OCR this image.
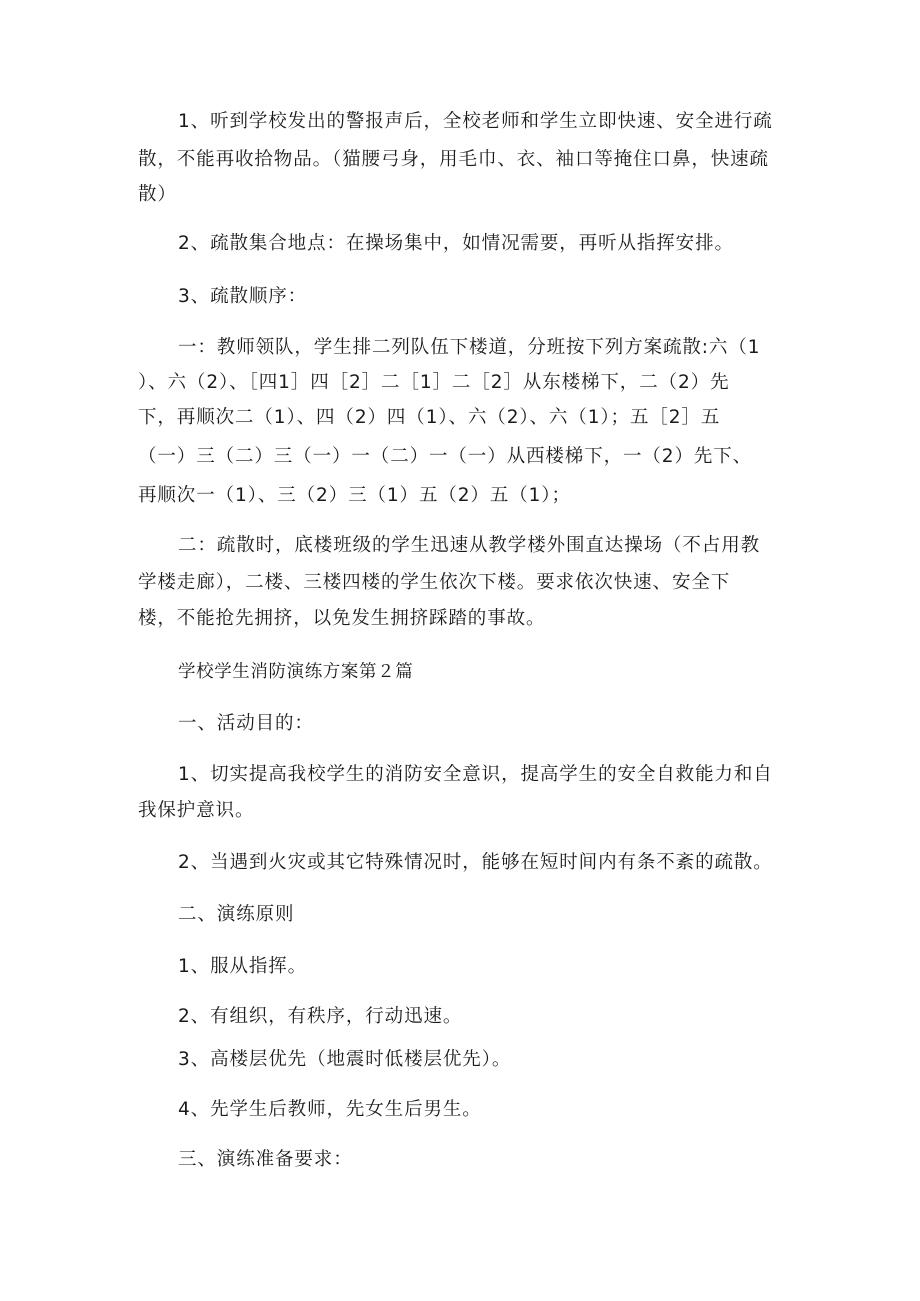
1、听到学校发出的警报声后，全校老师和学生立即快速、安全进行疏

散，不能再收拾物品。（猫腰弓身，用毛巾、衣、袖口等掩住口鼻，快速疏

散）

2、疏散集合地点：在操场集中，如情况需要，再听从指挥安排。

3、疏散顺序：

一：教师领队，学生排二列队伍下楼道，分班按下列方案疏散:六（1

）、六（2）、［四1］四［2］二［1］二［2］从东楼梯下，二（2）先

下，再顺次二（1）、四（2）四（1）、六（2）、六（1）；五［2］五

（一）三（二）三（一）一（二）一（一）从西楼梯下，一（2）先下、

再顺次一（1）、三（2）三（1）五（2）五（1）；

二：疏散时，底楼班级的学生迅速从教学楼外围直达操场（不占用教

学楼走廊），二楼、三楼四楼的学生依次下楼。要求依次快速、安全下

楼，不能抢先拥挤，以免发生拥挤踩踏的事故。

学校学生消防演练方案第２篇

一、活动目的：

1、切实提高我校学生的消防安全意识，提高学生的安全自救能力和自

我保护意识。

2、当遇到火灾或其它特殊情况时，能够在短时间内有条不紊的疏散。

二、演练原则

1、服从指挥。

2、有组织，有秩序，行动迅速。

3、高楼层优先（地震时低楼层优先）。

4、先学生后教师，先女生后男生。

三、演练准备要求：
